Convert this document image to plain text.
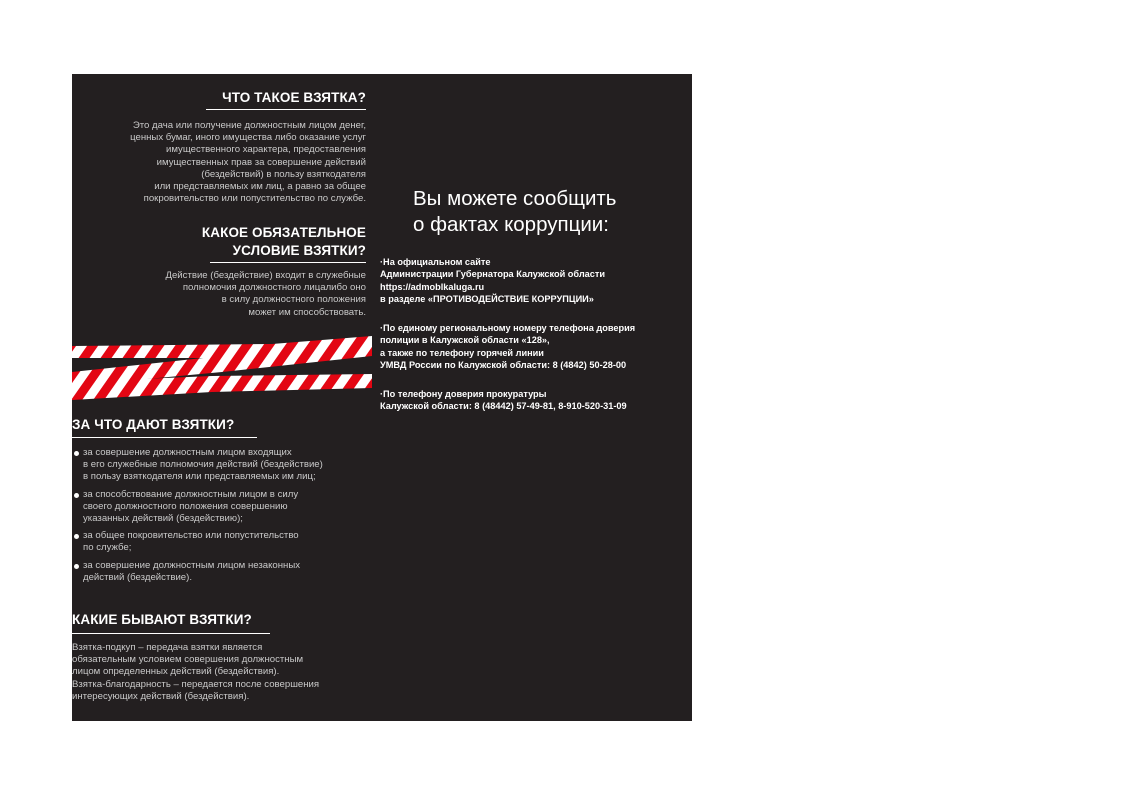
ЧТО ТАКОЕ ВЗЯТКА?
Это дача или получение должностным лицом денег,
ценных бумаг, иного имущества либо оказание услуг
имущественного характера, предоставления
имущественных прав за совершение действий
(бездействий) в пользу взяткодателя
или представляемых им лиц, а равно за общее
покровительство или попустительство по службе.
КАКОЕ ОБЯЗАТЕЛЬНОЕ
УСЛОВИЕ ВЗЯТКИ?
Действие (бездействие) входит в служебные
полномочия должностного лицалибо оно
в силу должностного положения
может им способствовать.
ЗА ЧТО ДАЮТ ВЗЯТКИ?
за совершение должностным лицом входящих
в его служебные полномочия действий (бездействие)
в пользу взяткодателя или представляемых им лиц;
за способствование должностным лицом в силу
своего должностного положения совершению
указанных действий (бездействию);
за общее покровительство или попустительство
по службе;
за совершение должностным лицом незаконных
действий (бездействие).
КАКИЕ БЫВАЮТ ВЗЯТКИ?
Взятка-подкуп – передача взятки является
обязательным условием совершения должностным
лицом определенных действий (бездействия).
Взятка-благодарность – передается после совершения
интересующих действий (бездействия).
Вы можете сообщить
о фактах коррупции:
·На официальном сайте
Администрации Губернатора Калужской области
https://admoblkaluga.ru
в разделе «ПРОТИВОДЕЙСТВИЕ КОРРУПЦИИ»
·По единому региональному номеру телефона доверия
полиции в Калужской области «128»,
а также по телефону горячей линии
УМВД России по Калужской области: 8 (4842) 50-28-00
·По телефону доверия прокуратуры
Калужской области: 8 (48442) 57-49-81, 8-910-520-31-09
